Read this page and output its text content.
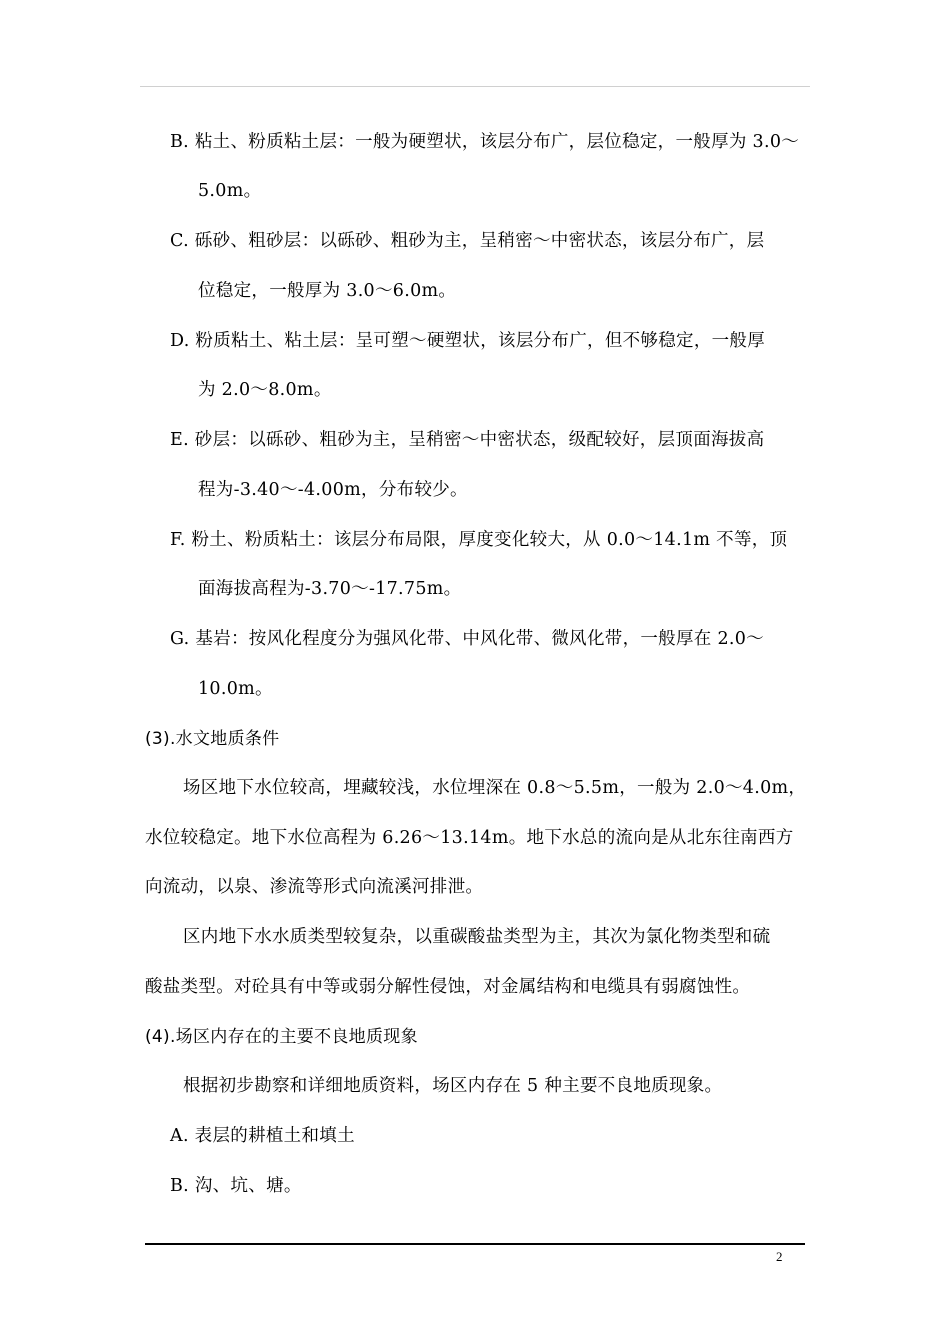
B. 粘土、粉质粘土层：一般为硬塑状，该层分布广，层位稳定，一般厚为 3.0～
5.0m。
C. 砾砂、粗砂层：以砾砂、粗砂为主，呈稍密～中密状态，该层分布广，层
位稳定，一般厚为 3.0～6.0m。
D. 粉质粘土、粘土层：呈可塑～硬塑状，该层分布广，但不够稳定，一般厚
为 2.0～8.0m。
E. 砂层：以砾砂、粗砂为主，呈稍密～中密状态，级配较好，层顶面海拔高
程为-3.40～-4.00m，分布较少。
F. 粉土、粉质粘土：该层分布局限，厚度变化较大，从 0.0～14.1m 不等，顶
面海拔高程为-3.70～-17.75m。
G. 基岩：按风化程度分为强风化带、中风化带、微风化带，一般厚在 2.0～
10.0m。
(3).水文地质条件
场区地下水位较高，埋藏较浅，水位埋深在 0.8～5.5m，一般为 2.0～4.0m，
水位较稳定。地下水位高程为 6.26～13.14m。地下水总的流向是从北东往南西方
向流动，以泉、渗流等形式向流溪河排泄。
区内地下水水质类型较复杂，以重碳酸盐类型为主，其次为氯化物类型和硫
酸盐类型。对砼具有中等或弱分解性侵蚀，对金属结构和电缆具有弱腐蚀性。
(4).场区内存在的主要不良地质现象
根据初步勘察和详细地质资料，场区内存在 5 种主要不良地质现象。
A. 表层的耕植土和填土
B. 沟、坑、塘。
2
